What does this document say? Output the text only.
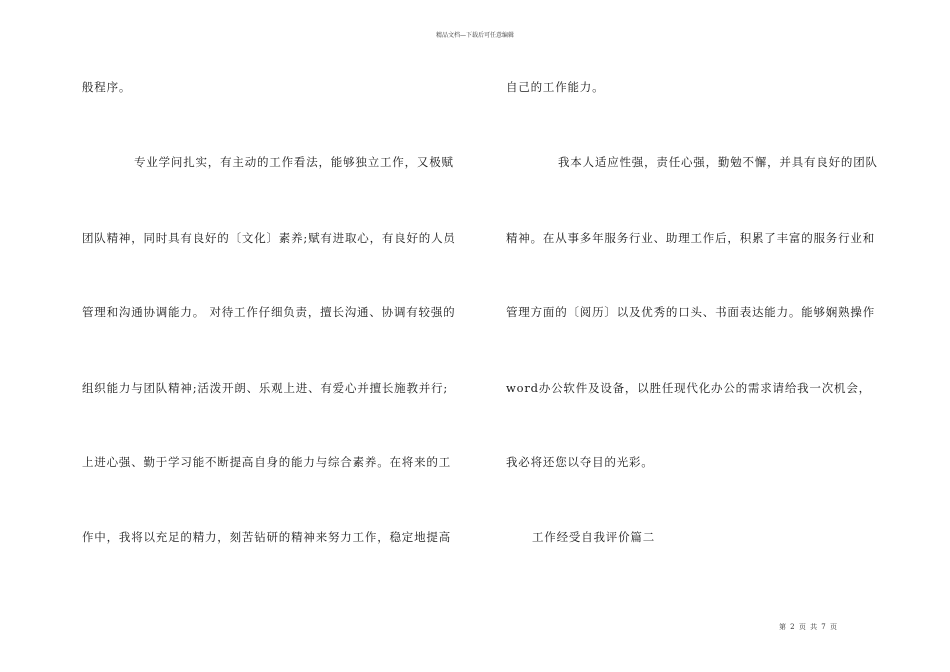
精品文档—下载后可任意编辑
般程序。
专业学问扎实，有主动的工作看法，能够独立工作，又极赋
团队精神，同时具有良好的〔文化〕素养;赋有进取心，有良好的人员
管理和沟通协调能力。 对待工作仔细负责，擅长沟通、协调有较强的
组织能力与团队精神;活泼开朗、乐观上进、有爱心并擅长施教并行;
上进心强、勤于学习能不断提高自身的能力与综合素养。在将来的工
作中，我将以充足的精力，刻苦钻研的精神来努力工作，稳定地提高
自己的工作能力。
我本人适应性强，责任心强，勤勉不懈，并具有良好的团队
精神。在从事多年服务行业、助理工作后，积累了丰富的服务行业和
管理方面的〔阅历〕以及优秀的口头、书面表达能力。能够娴熟操作
word办公软件及设备，以胜任现代化办公的需求请给我一次机会，
我必将还您以夺目的光彩。
工作经受自我评价篇二
第 2 页 共 7 页
